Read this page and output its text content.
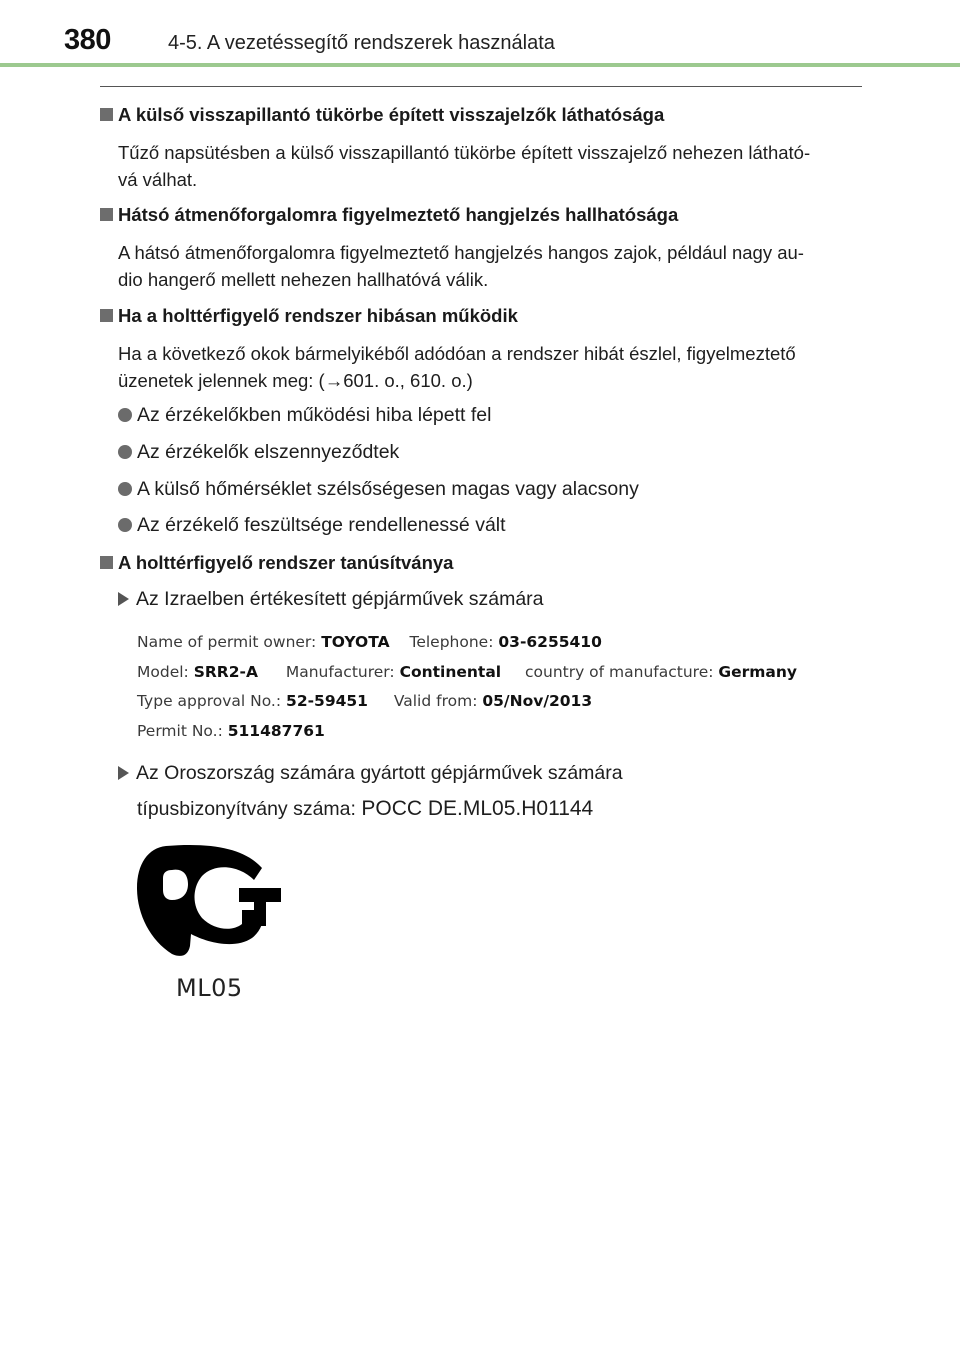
380	4-5. A vezetéssegítő rendszerek használata
A külső visszapillantó tükörbe épített visszajelzők láthatósága
Tűző napsütésben a külső visszapillantó tükörbe épített visszajelző nehezen látható-
vá válhat.
Hátsó átmenőforgalomra figyelmeztető hangjelzés hallhatósága
A hátsó átmenőforgalomra figyelmeztető hangjelzés hangos zajok, például nagy au-
dio hangerő mellett nehezen hallhatóvá válik.
Ha a holttérfigyelő rendszer hibásan működik
Ha a következő okok bármelyikéből adódóan a rendszer hibát észlel, figyelmeztető
üzenetek jelennek meg: (→601. o., 610. o.)
Az érzékelőkben működési hiba lépett fel
Az érzékelők elszennyeződtek
A külső hőmérséklet szélsőségesen magas vagy alacsony
Az érzékelő feszültsége rendellenessé vált
A holttérfigyelő rendszer tanúsítványa
Az Izraelben értékesített gépjárművek számára
Name of permit owner: TOYOTA Telephone: 03-6255410
Model: SRR2-A Manufacturer: Continental country of manufacture: Germany
Type approval No.: 52-59451 Valid from: 05/Nov/2013
Permit No.: 511487761
Az Oroszország számára gyártott gépjárművek számára
típusbizonyítvány száma: POCC DE.ML05.H01144
ML05
